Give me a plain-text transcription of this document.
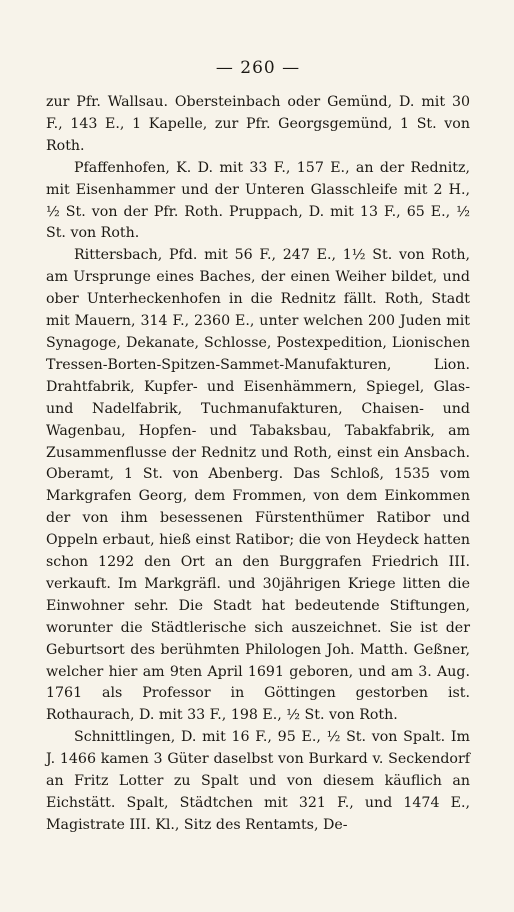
— 260 —

zur Pfr. Wallsau. Obersteinbach oder Gemünd, D. mit 30 F., 143 E., 1 Kapelle, zur Pfr. Georgsgemünd, 1 St. von Roth.

Pfaffenhofen, K. D. mit 33 F., 157 E., an der Rednitz, mit Eisenhammer und der Unteren Glasschleife mit 2 H., ½ St. von der Pfr. Roth. Pruppach, D. mit 13 F., 65 E., ½ St. von Roth.

Rittersbach, Pfd. mit 56 F., 247 E., 1½ St. von Roth, am Ursprunge eines Baches, der einen Weiher bildet, und ober Unterheckenhofen in die Rednitz fällt. Roth, Stadt mit Mauern, 314 F., 2360 E., unter welchen 200 Juden mit Synagoge, Dekanate, Schlosse, Postexpedition, Lionischen Tressen-Borten-Spitzen-Sammet-Manufakturen, Lion. Drahtfabrik, Kupfer- und Eisenhämmern, Spiegel, Glas- und Nadelfabrik, Tuchmanufakturen, Chaisen- und Wagenbau, Hopfen- und Tabaksbau, Tabakfabrik, am Zusammenflusse der Rednitz und Roth, einst ein Ansbach. Oberamt, 1 St. von Abenberg. Das Schloß, 1535 vom Markgrafen Georg, dem Frommen, von dem Einkommen der von ihm besessenen Fürstenthümer Ratibor und Oppeln erbaut, hieß einst Ratibor; die von Heydeck hatten schon 1292 den Ort an den Burggrafen Friedrich III. verkauft. Im Markgräfl. und 30jährigen Kriege litten die Einwohner sehr. Die Stadt hat bedeutende Stiftungen, worunter die Städtlerische sich auszeichnet. Sie ist der Geburtsort des berühmten Philologen Joh. Matth. Geßner, welcher hier am 9ten April 1691 geboren, und am 3. Aug. 1761 als Professor in Göttingen gestorben ist. Rothaurach, D. mit 33 F., 198 E., ½ St. von Roth.

Schnittlingen, D. mit 16 F., 95 E., ½ St. von Spalt. Im J. 1466 kamen 3 Güter daselbst von Burkard v. Seckendorf an Fritz Lotter zu Spalt und von diesem käuflich an Eichstätt. Spalt, Städtchen mit 321 F., und 1474 E., Magistrate III. Kl., Sitz des Rentamts, De-
